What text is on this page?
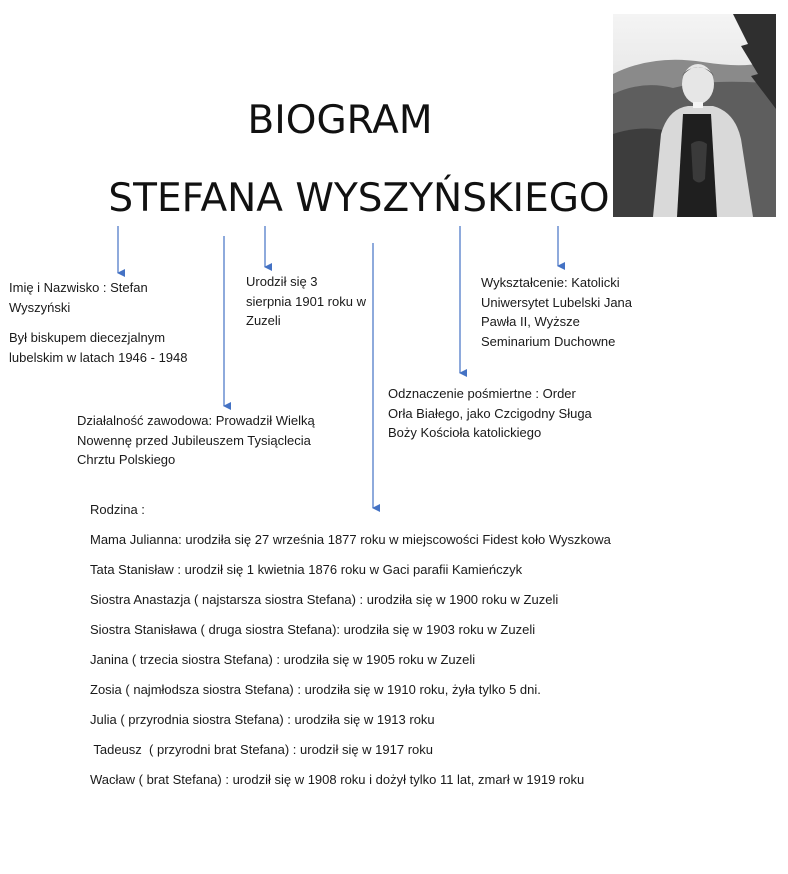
BIOGRAM
STEFANA WYSZYŃSKIEGO
Imię i Nazwisko : Stefan Wyszyński
Był biskupem diecezjalnym lubelskim w latach 1946 - 1948
Urodził się 3 sierpnia 1901 roku w Zuzeli
Wykształcenie: Katolicki Uniwersytet Lubelski Jana Pawła II, Wyższe Seminarium Duchowne
Odznaczenie pośmiertne : Order Orła Białego, jako Czcigodny Sługa Boży Kościoła katolickiego
Działalność zawodowa: Prowadził Wielką Nowennę przed Jubileuszem Tysiąclecia Chrztu Polskiego
Rodzina :
Mama Julianna: urodziła się 27 września 1877 roku w miejscowości Fidest koło Wyszkowa
Tata Stanisław : urodził się 1 kwietnia 1876 roku w Gaci parafii Kamieńczyk
Siostra Anastazja ( najstarsza siostra Stefana) : urodziła się w 1900 roku w Zuzeli
Siostra Stanisława ( druga siostra Stefana): urodziła się w 1903 roku w Zuzeli
Janina ( trzecia siostra Stefana) : urodziła się w 1905 roku w Zuzeli
Zosia ( najmłodsza siostra Stefana) : urodziła się w 1910 roku, żyła tylko 5 dni.
Julia ( przyrodnia siostra Stefana) : urodziła się w 1913 roku
Tadeusz  ( przyrodni brat Stefana) : urodził się w 1917 roku
Wacław ( brat Stefana) : urodził się w 1908 roku i dożył tylko 11 lat, zmarł w 1919 roku
